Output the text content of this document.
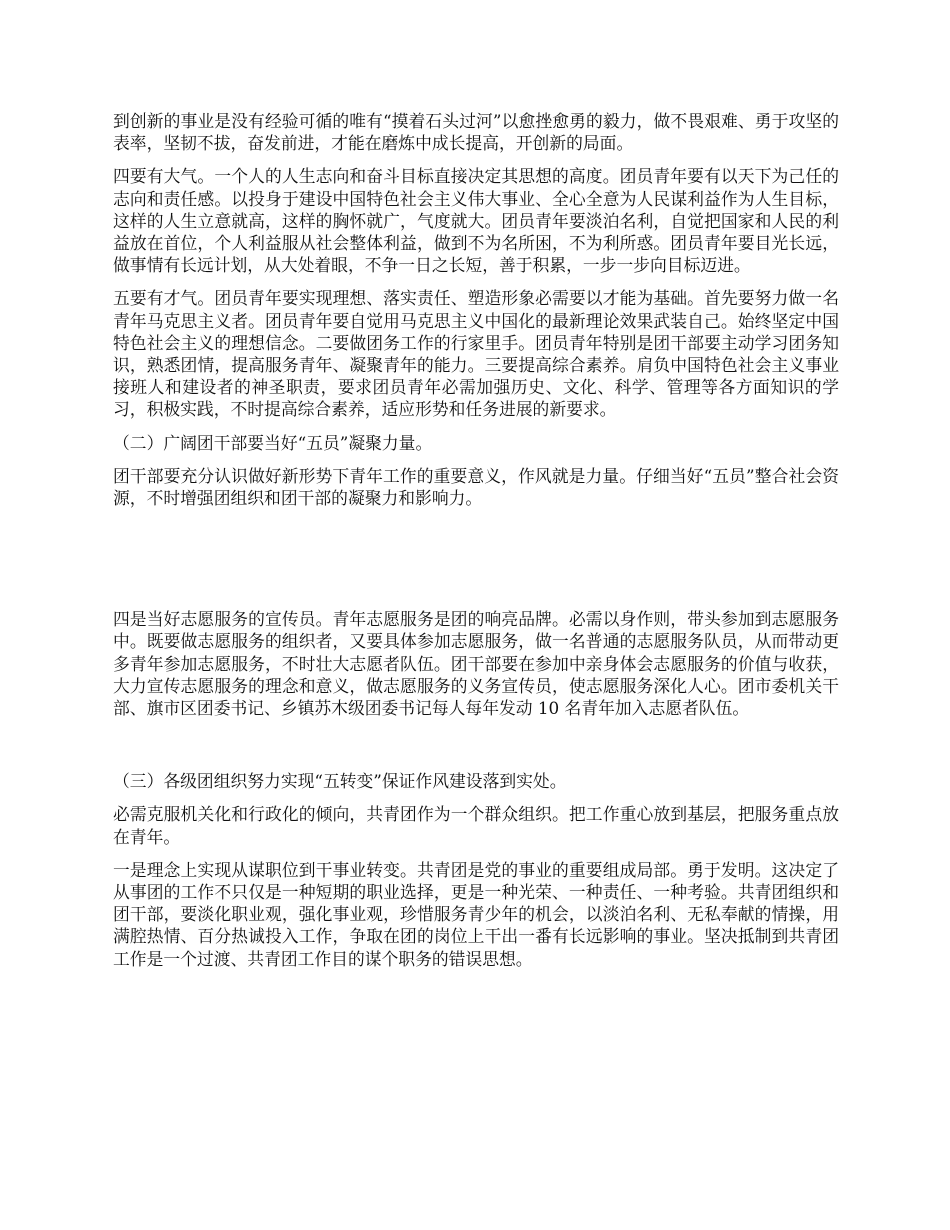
到创新的事业是没有经验可循的唯有“摸着石头过河”以愈挫愈勇的毅力，做不畏艰难、勇于攻坚的表率，坚韧不拔，奋发前进，才能在磨炼中成长提高，开创新的局面。

四要有大气。一个人的人生志向和奋斗目标直接决定其思想的高度。团员青年要有以天下为己任的志向和责任感。以投身于建设中国特色社会主义伟大事业、全心全意为人民谋利益作为人生目标，这样的人生立意就高，这样的胸怀就广，气度就大。团员青年要淡泊名利，自觉把国家和人民的利益放在首位，个人利益服从社会整体利益，做到不为名所困，不为利所惑。团员青年要目光长远，做事情有长远计划，从大处着眼，不争一日之长短，善于积累，一步一步向目标迈进。

五要有才气。团员青年要实现理想、落实责任、塑造形象必需要以才能为基础。首先要努力做一名青年马克思主义者。团员青年要自觉用马克思主义中国化的最新理论效果武装自己。始终坚定中国特色社会主义的理想信念。二要做团务工作的行家里手。团员青年特别是团干部要主动学习团务知识，熟悉团情，提高服务青年、凝聚青年的能力。三要提高综合素养。肩负中国特色社会主义事业接班人和建设者的神圣职责，要求团员青年必需加强历史、文化、科学、管理等各方面知识的学习，积极实践，不时提高综合素养，适应形势和任务进展的新要求。

（二）广阔团干部要当好“五员”凝聚力量。

团干部要充分认识做好新形势下青年工作的重要意义，作风就是力量。仔细当好“五员”整合社会资源，不时增强团组织和团干部的凝聚力和影响力。

四是当好志愿服务的宣传员。青年志愿服务是团的响亮品牌。必需以身作则，带头参加到志愿服务中。既要做志愿服务的组织者，又要具体参加志愿服务，做一名普通的志愿服务队员，从而带动更多青年参加志愿服务，不时壮大志愿者队伍。团干部要在参加中亲身体会志愿服务的价值与收获，大力宣传志愿服务的理念和意义，做志愿服务的义务宣传员，使志愿服务深化人心。团市委机关干部、旗市区团委书记、乡镇苏木级团委书记每人每年发动 10 名青年加入志愿者队伍。

（三）各级团组织努力实现“五转变”保证作风建设落到实处。

必需克服机关化和行政化的倾向，共青团作为一个群众组织。把工作重心放到基层，把服务重点放在青年。

一是理念上实现从谋职位到干事业转变。共青团是党的事业的重要组成局部。勇于发明。这决定了从事团的工作不只仅是一种短期的职业选择，更是一种光荣、一种责任、一种考验。共青团组织和团干部，要淡化职业观，强化事业观，珍惜服务青少年的机会，以淡泊名利、无私奉献的情操，用满腔热情、百分热诚投入工作，争取在团的岗位上干出一番有长远影响的事业。坚决抵制到共青团工作是一个过渡、共青团工作目的谋个职务的错误思想。
